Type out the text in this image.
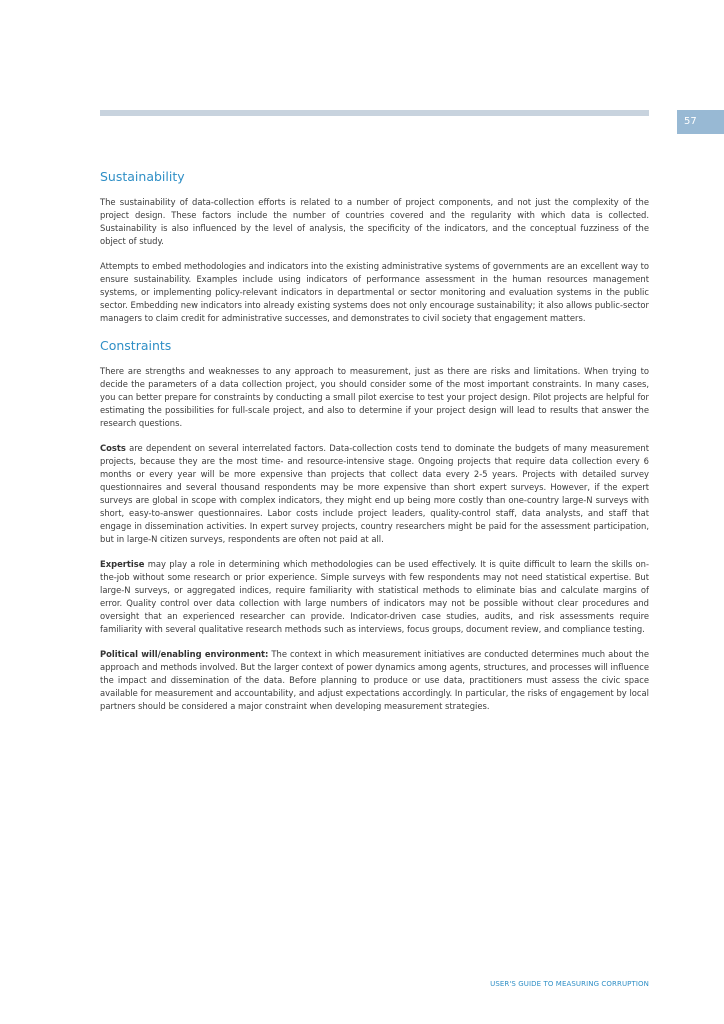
57
Sustainability

The sustainability of data-collection efforts is related to a number of project components, and not just the complexity of the project design. These factors include the number of countries covered and the regularity with which data is collected. Sustainability is also influenced by the level of analysis, the specificity of the indicators, and the conceptual fuzziness of the object of study.

Attempts to embed methodologies and indicators into the existing administrative systems of governments are an excellent way to ensure sustainability. Examples include using indicators of performance assessment in the human resources management systems, or implementing policy-relevant indicators in departmental or sector monitoring and evaluation systems in the public sector. Embedding new indicators into already existing systems does not only encourage sustainability; it also allows public-sector managers to claim credit for administrative successes, and demonstrates to civil society that engagement matters.

Constraints

There are strengths and weaknesses to any approach to measurement, just as there are risks and limitations. When trying to decide the parameters of a data collection project, you should consider some of the most important constraints. In many cases, you can better prepare for constraints by conducting a small pilot exercise to test your project design. Pilot projects are helpful for estimating the possibilities for full-scale project, and also to determine if your project design will lead to results that answer the research questions.

Costs are dependent on several interrelated factors. Data-collection costs tend to dominate the budgets of many measurement projects, because they are the most time- and resource-intensive stage. Ongoing projects that require data collection every 6 months or every year will be more expensive than projects that collect data every 2-5 years. Projects with detailed survey questionnaires and several thousand respondents may be more expensive than short expert surveys. However, if the expert surveys are global in scope with complex indicators, they might end up being more costly than one-country large-N surveys with short, easy-to-answer questionnaires. Labor costs include project leaders, quality-control staff, data analysts, and staff that engage in dissemination activities. In expert survey projects, country researchers might be paid for the assessment participation, but in large-N citizen surveys, respondents are often not paid at all.

Expertise may play a role in determining which methodologies can be used effectively. It is quite difficult to learn the skills on-the-job without some research or prior experience. Simple surveys with few respondents may not need statistical expertise. But large-N surveys, or aggregated indices, require familiarity with statistical methods to eliminate bias and calculate margins of error. Quality control over data collection with large numbers of indicators may not be possible without clear procedures and oversight that an experienced researcher can provide. Indicator-driven case studies, audits, and risk assessments require familiarity with several qualitative research methods such as interviews, focus groups, document review, and compliance testing.

Political will/enabling environment: The context in which measurement initiatives are conducted determines much about the approach and methods involved. But the larger context of power dynamics among agents, structures, and processes will influence the impact and dissemination of the data. Before planning to produce or use data, practitioners must assess the civic space available for measurement and accountability, and adjust expectations accordingly. In particular, the risks of engagement by local partners should be considered a major constraint when developing measurement strategies.

USER'S GUIDE TO MEASURING CORRUPTION
